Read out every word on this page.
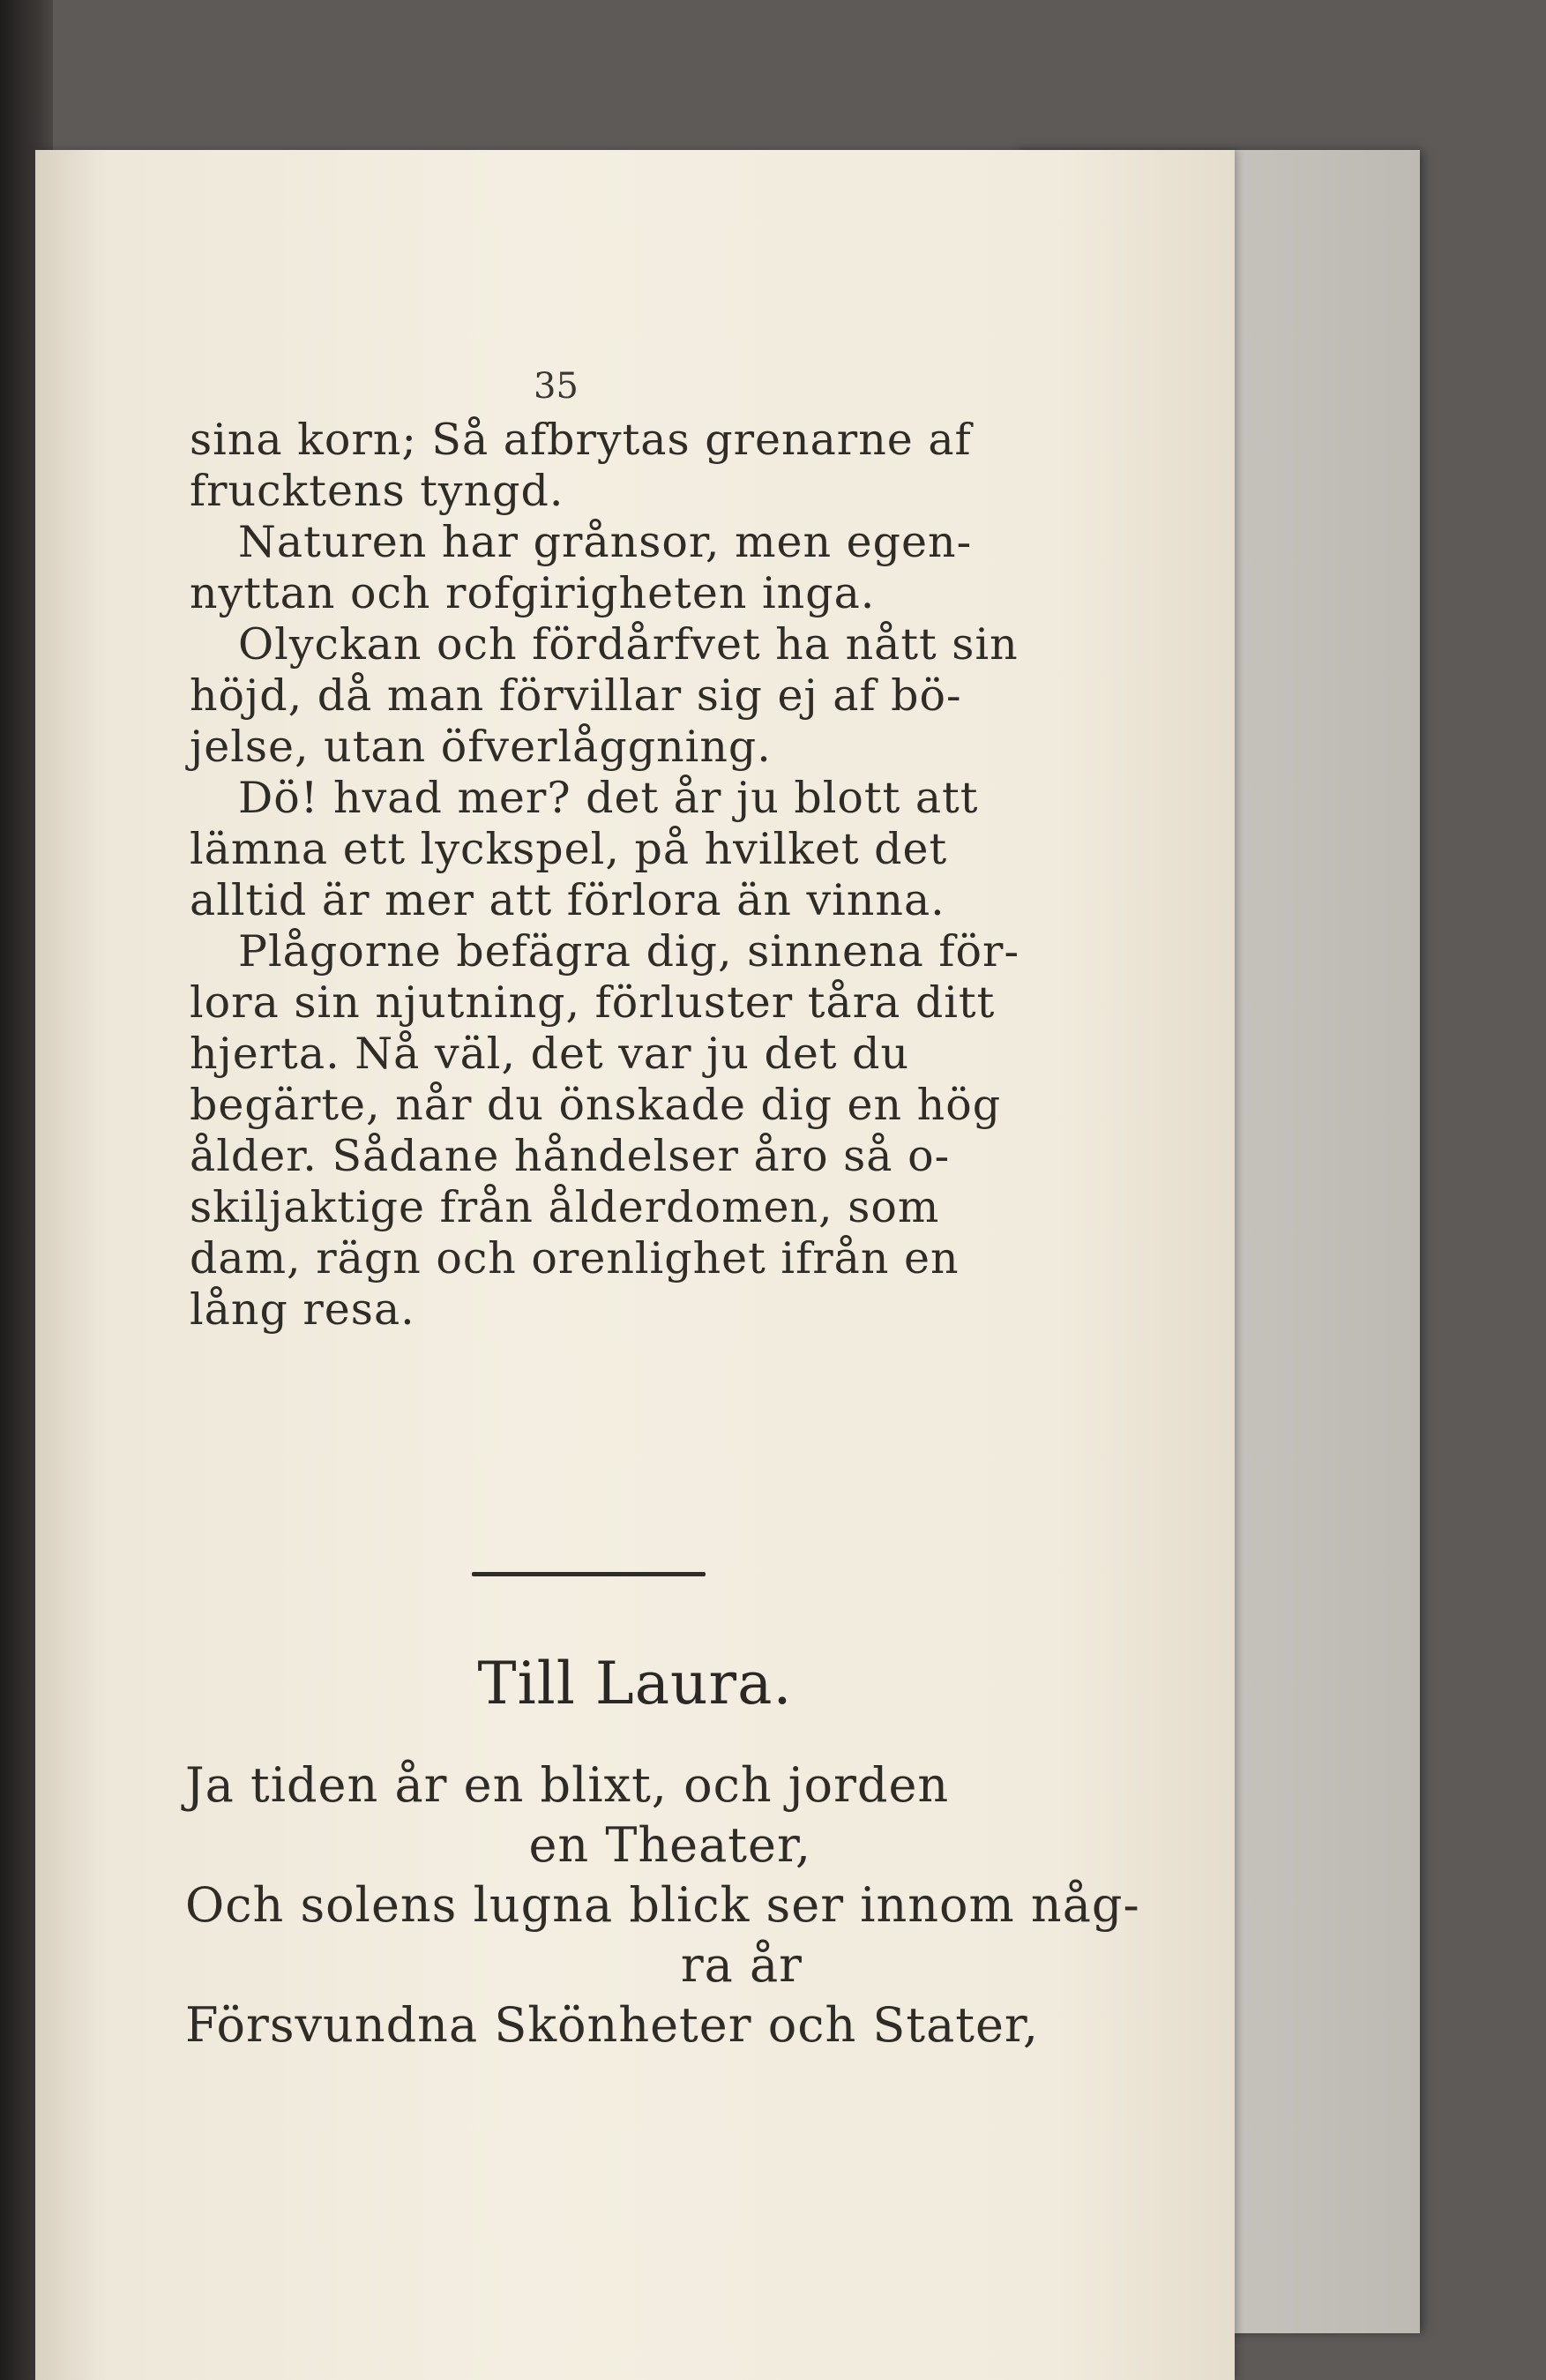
35
sina korn; Så afbrytas grenarne af
frucktens tyngd.
Naturen har grånsor, men egen-
nyttan och rofgirigheten inga.
Olyckan och fördårfvet ha nått sin
höjd, då man förvillar sig ej af bö-
jelse, utan öfverlåggning.
Dö! hvad mer? det år ju blott att
lämna ett lyckspel, på hvilket det
alltid är mer att förlora än vinna.
Plågorne befägra dig, sinnena för-
lora sin njutning, förluster tåra ditt
hjerta. Nå väl, det var ju det du
begärte, når du önskade dig en hög
ålder. Sådane håndelser åro så o-
skiljaktige från ålderdomen, som
dam, rägn och orenlighet ifrån en
lång resa.
Till Laura.
Ja tiden år en blixt, och jorden
en Theater,
Och solens lugna blick ser innom någ-
ra år
Försvundna Skönheter och Stater,
